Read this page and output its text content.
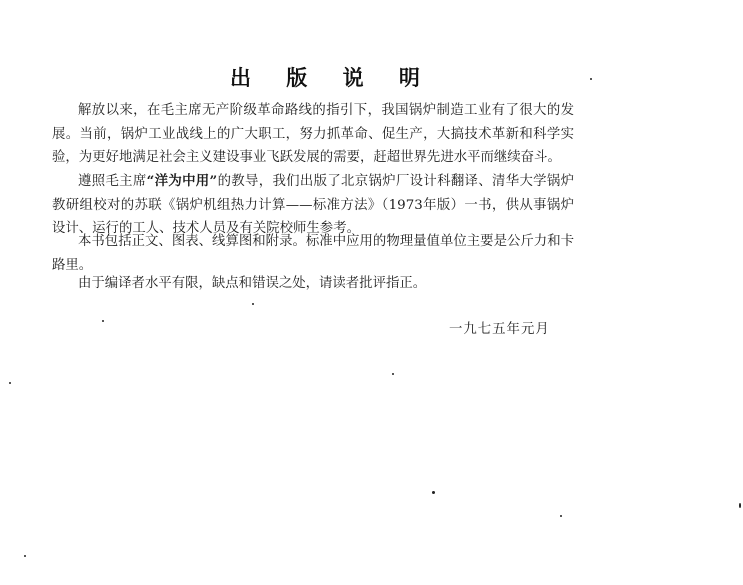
出 版 说 明

解放以来，在毛主席无产阶级革命路线的指引下，我国锅炉制造工业有了很大的发展。当前，锅炉工业战线上的广大职工，努力抓革命、促生产，大搞技术革新和科学实验，为更好地满足社会主义建设事业飞跃发展的需要，赶超世界先进水平而继续奋斗。

遵照毛主席“洋为中用”的教导，我们出版了北京锅炉厂设计科翻译、清华大学锅炉教研组校对的苏联《锅炉机组热力计算——标准方法》（1973年版）一书，供从事锅炉设计、运行的工人、技术人员及有关院校师生参考。

本书包括正文、图表、线算图和附录。标准中应用的物理量值单位主要是公斤力和卡路里。

由于编译者水平有限，缺点和错误之处，请读者批评指正。

一九七五年元月
